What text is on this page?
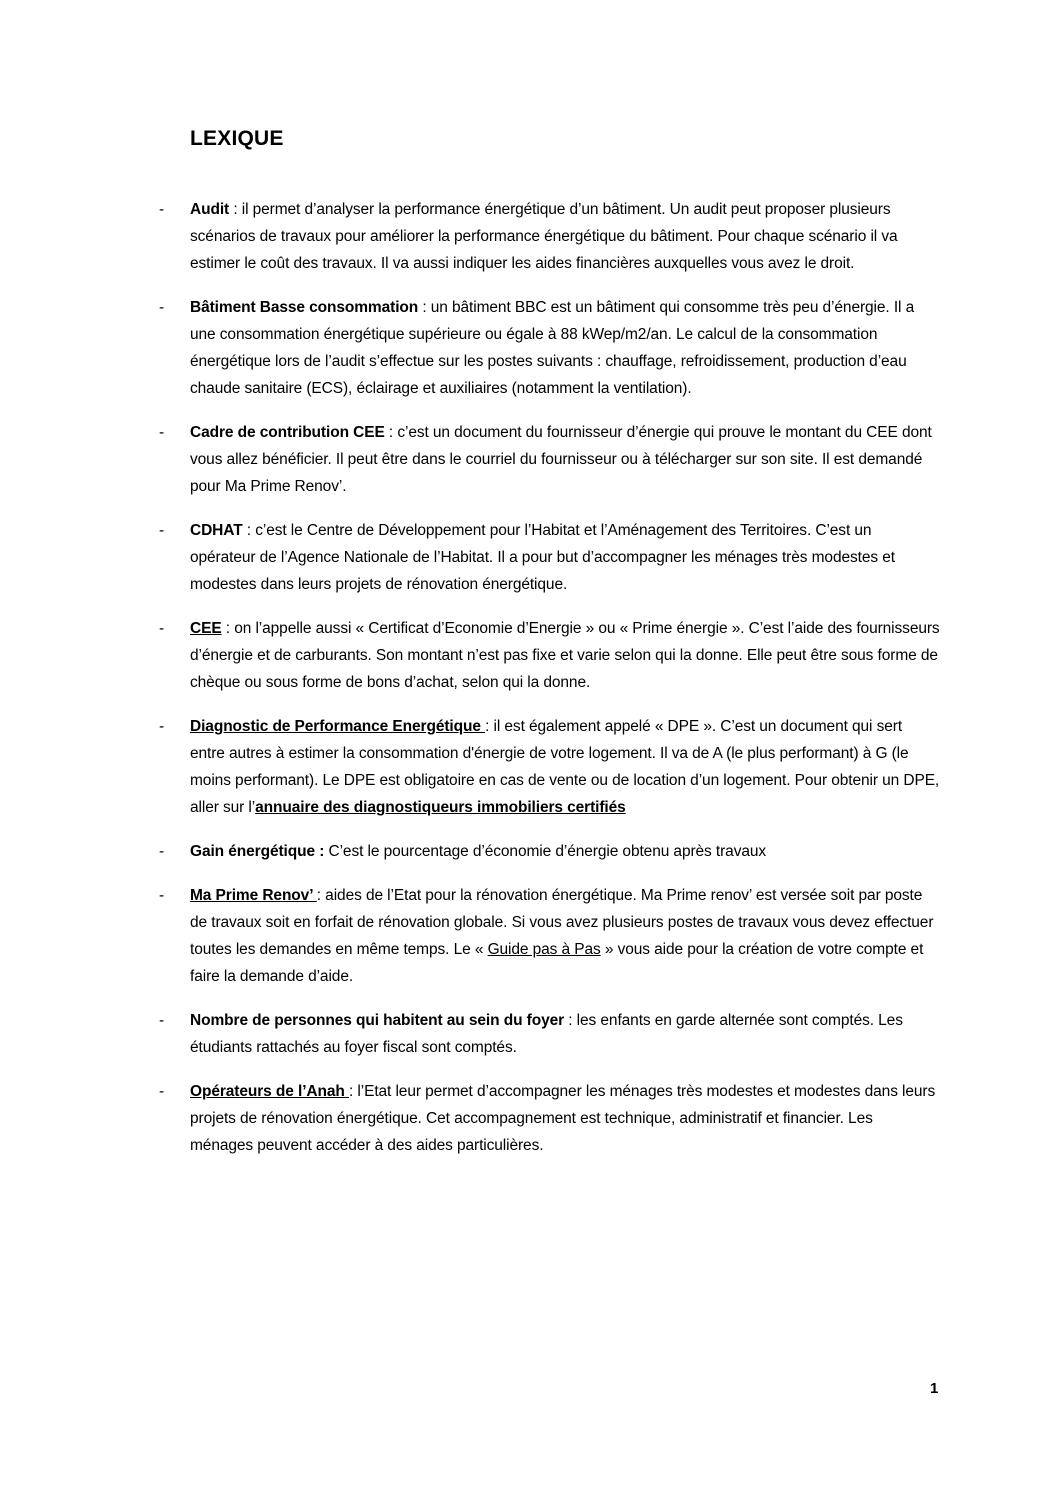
LEXIQUE
-	Audit : il permet d’analyser la performance énergétique d’un bâtiment. Un audit peut proposer plusieurs scénarios de travaux pour améliorer la performance énergétique du bâtiment. Pour chaque scénario il va estimer le coût des travaux. Il va aussi indiquer les aides financières auxquelles vous avez le droit.

-	Bâtiment Basse consommation : un bâtiment BBC est un bâtiment qui consomme très peu d’énergie. Il a une consommation énergétique supérieure ou égale à 88 kWep/m2/an. Le calcul de la consommation énergétique lors de l’audit s’effectue sur les postes suivants : chauffage, refroidissement, production d’eau chaude sanitaire (ECS), éclairage et auxiliaires (notamment la ventilation).

-	Cadre de contribution CEE : c’est un document du fournisseur d’énergie qui prouve le montant du CEE dont vous allez bénéficier. Il peut être dans le courriel du fournisseur ou à télécharger sur son site. Il est demandé pour Ma Prime Renov’.

-	CDHAT : c’est le Centre de Développement pour l’Habitat et l’Aménagement des Territoires. C’est un opérateur de l’Agence Nationale de l’Habitat. Il a pour but d’accompagner les ménages très modestes et modestes dans leurs projets de rénovation énergétique.

-	CEE : on l’appelle aussi « Certificat d’Economie d’Energie » ou « Prime énergie ». C’est l’aide des fournisseurs d’énergie et de carburants. Son montant n’est pas fixe et varie selon qui la donne. Elle peut être sous forme de chèque ou sous forme de bons d’achat, selon qui la donne.

-	Diagnostic de Performance Energétique : il est également appelé « DPE ». C’est un document qui sert entre autres à estimer la consommation d'énergie de votre logement. Il va de A (le plus performant) à G (le moins performant). Le DPE est obligatoire en cas de vente ou de location d’un logement. Pour obtenir un DPE, aller sur l’annuaire des diagnostiqueurs immobiliers certifiés

-	Gain énergétique : C’est le pourcentage d’économie d’énergie obtenu après travaux

-	Ma Prime Renov’ : aides de l’Etat pour la rénovation énergétique. Ma Prime renov’ est versée soit par poste de travaux soit en forfait de rénovation globale. Si vous avez plusieurs postes de travaux vous devez effectuer toutes les demandes en même temps. Le « Guide pas à Pas » vous aide pour la création de votre compte et faire la demande d’aide.

-	Nombre de personnes qui habitent au sein du foyer : les enfants en garde alternée sont comptés. Les étudiants rattachés au foyer fiscal sont comptés.

-	Opérateurs de l’Anah : l’Etat leur permet d’accompagner les ménages très modestes et modestes dans leurs projets de rénovation énergétique. Cet accompagnement est technique, administratif et financier. Les ménages peuvent accéder à des aides particulières.

1
